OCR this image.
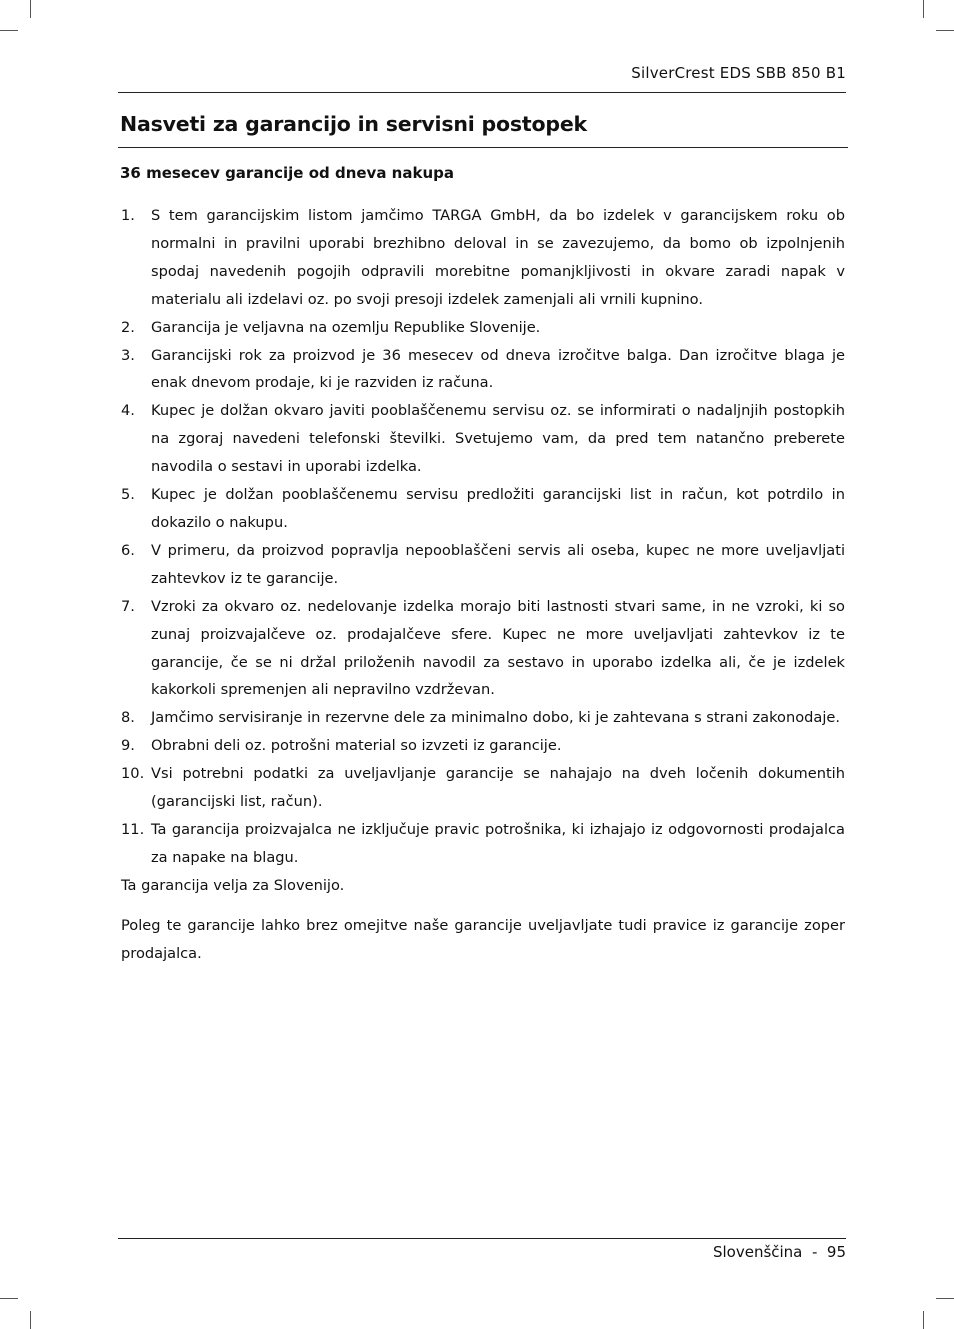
SilverCrest EDS SBB 850 B1
Nasveti za garancijo in servisni postopek
36 mesecev garancije od dneva nakupa
1. S tem garancijskim listom jamčimo TARGA GmbH, da bo izdelek v garancijskem roku ob normalni in pravilni uporabi brezhibno deloval in se zavezujemo, da bomo ob izpolnjenih spodaj navedenih pogojih odpravili morebitne pomanjkljivosti in okvare zaradi napak v materialu ali izdelavi oz. po svoji presoji izdelek zamenjali ali vrnili kupnino.
2. Garancija je veljavna na ozemlju Republike Slovenije.
3. Garancijski rok za proizvod je 36 mesecev od dneva izročitve balga. Dan izročitve blaga je enak dnevom prodaje, ki je razviden iz računa.
4. Kupec je dolžan okvaro javiti pooblaščenemu servisu oz. se informirati o nadaljnjih postopkih na zgoraj navedeni telefonski številki. Svetujemo vam, da pred tem natančno preberete navodila o sestavi in uporabi izdelka.
5. Kupec je dolžan pooblaščenemu servisu predložiti garancijski list in račun, kot potrdilo in dokazilo o nakupu.
6. V primeru, da proizvod popravlja nepooblaščeni servis ali oseba, kupec ne more uveljavljati zahtevkov iz te garancije.
7. Vzroki za okvaro oz. nedelovanje izdelka morajo biti lastnosti stvari same, in ne vzroki, ki so zunaj proizvajalčeve oz. prodajalčeve sfere. Kupec ne more uveljavljati zahtevkov iz te garancije, če se ni držal priloženih navodil za sestavo in uporabo izdelka ali, če je izdelek kakorkoli spremenjen ali nepravilno vzdrževan.
8. Jamčimo servisiranje in rezervne dele za minimalno dobo, ki je zahtevana s strani zakonodaje.
9. Obrabni deli oz. potrošni material so izvzeti iz garancije.
10. Vsi potrebni podatki za uveljavljanje garancije se nahajajo na dveh ločenih dokumentih (garancijski list, račun).
11. Ta garancija proizvajalca ne izključuje pravic potrošnika, ki izhajajo iz odgovornosti prodajalca za napake na blagu.

Ta garancija velja za Slovenijo.

Poleg te garancije lahko brez omejitve naše garancije uveljavljate tudi pravice iz garancije zoper prodajalca.

Slovenščina - 95
